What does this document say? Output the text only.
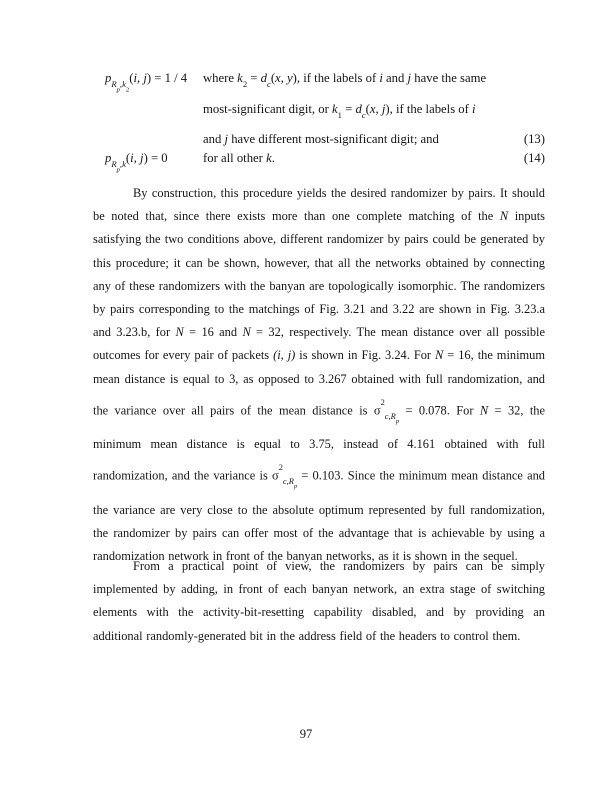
$p_{Rp,k2}(i$, j) = 1 / 4 where $k_2 = d_c(x$, y), if the labels of i and j have the same
most-significant digit, or $k_1 = d_c(x$, j), if the labels of i
(13)
and j have different most-significant digit; and
$p_{Rp,k}(i$, j) = 0	for all other k.	(14)

By construction, this procedure yields the desired randomizer by pairs. It should be noted that, since there exists more than one complete matching of the N inputs satisfying the two conditions above, different randomizer by pairs could be generated by this procedure; it can be shown, however, that all the networks obtained by connecting any of these randomizers with the banyan are topologically isomorphic. The randomizers by pairs corresponding to the matchings of Fig. 3.21 and 3.22 are shown in Fig. 3.23.a and 3.23.b, for N = 16 and N = 32, respectively. The mean distance over all possible outcomes for every pair of packets (i, j) is shown in Fig. 3.24. For N = 16, the minimum mean distance is equal to 3, as opposed to 3.267 obtained with full randomization, and the variance over all pairs of the mean distance is $\sigma^2_{c,Rp} = 0.078$. For N = 32, the minimum mean distance is equal to 3.75, instead of 4.161 obtained with full randomization, and the variance is $\sigma^2_{c,Rp} = 0.103$. Since the minimum mean distance and the variance are very close to the absolute optimum represented by full randomization, the randomizer by pairs can offer most of the advantage that is achievable by using a randomization network in front of the banyan networks, as it is shown in the sequel.

From a practical point of view, the randomizers by pairs can be simply implemented by adding, in front of each banyan network, an extra stage of switching elements with the activity-bit-resetting capability disabled, and by providing an additional randomly-generated bit in the address field of the headers to control them.

97
